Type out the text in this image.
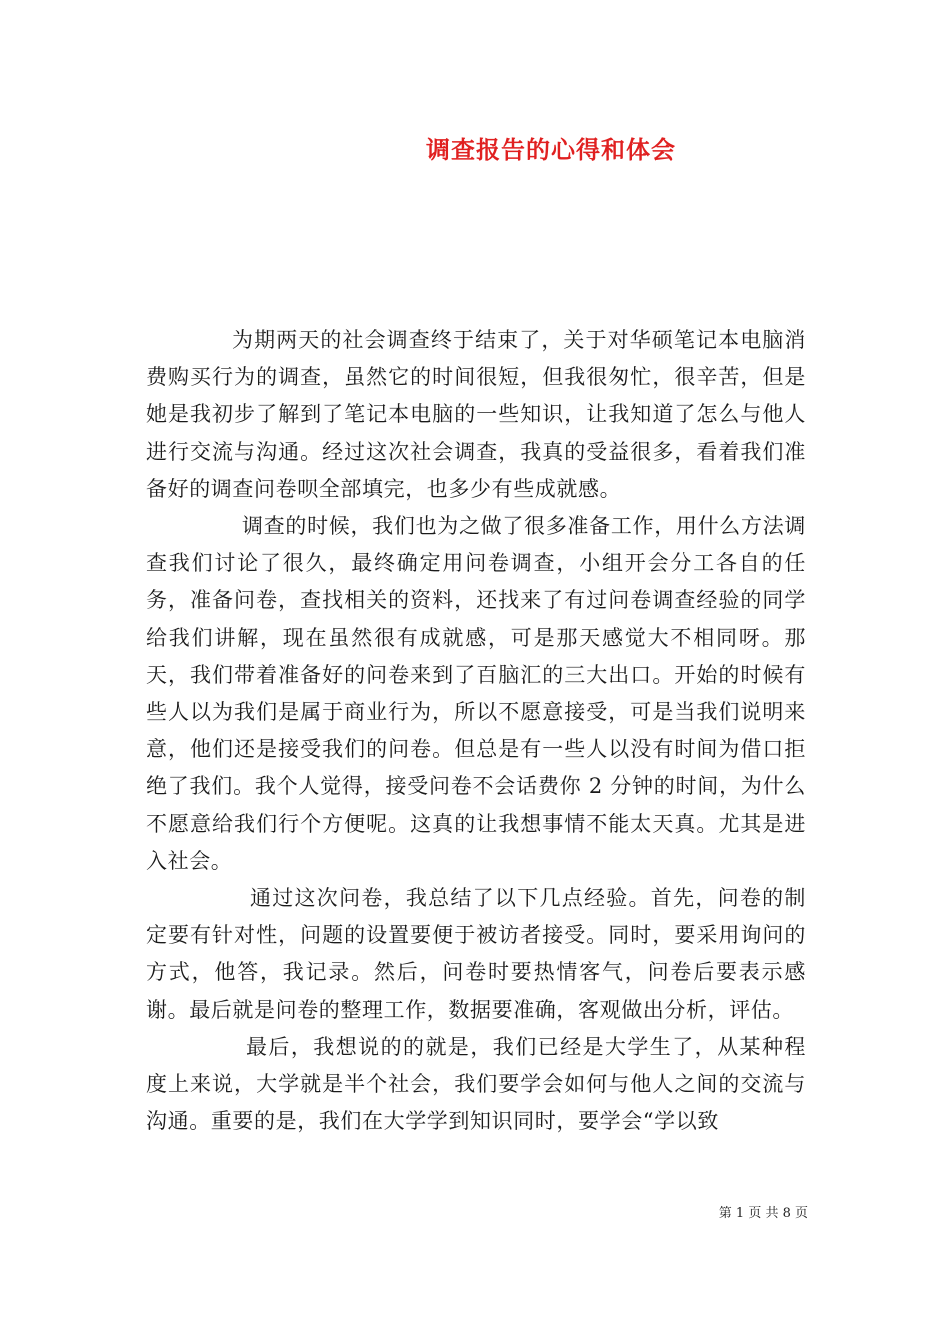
调查报告的心得和体会

为期两天的社会调查终于结束了，关于对华硕笔记本电脑消费购买行为的调查，虽然它的时间很短，但我很匆忙，很辛苦，但是她是我初步了解到了笔记本电脑的一些知识，让我知道了怎么与他人进行交流与沟通。经过这次社会调查，我真的受益很多，看着我们准备好的调查问卷呗全部填完，也多少有些成就感。

调查的时候，我们也为之做了很多准备工作，用什么方法调查我们讨论了很久，最终确定用问卷调查，小组开会分工各自的任务，准备问卷，查找相关的资料，还找来了有过问卷调查经验的同学给我们讲解，现在虽然很有成就感，可是那天感觉大不相同呀。那天，我们带着准备好的问卷来到了百脑汇的三大出口。开始的时候有些人以为我们是属于商业行为，所以不愿意接受，可是当我们说明来意，他们还是接受我们的问卷。但总是有一些人以没有时间为借口拒绝了我们。我个人觉得，接受问卷不会话费你 2 分钟的时间，为什么不愿意给我们行个方便呢。这真的让我想事情不能太天真。尤其是进入社会。

通过这次问卷，我总结了以下几点经验。首先，问卷的制定要有针对性，问题的设置要便于被访者接受。同时，要采用询问的方式，他答，我记录。然后，问卷时要热情客气，问卷后要表示感谢。最后就是问卷的整理工作，数据要准确，客观做出分析，评估。

最后，我想说的的就是，我们已经是大学生了，从某种程度上来说，大学就是半个社会，我们要学会如何与他人之间的交流与沟通。重要的是，我们在大学学到知识同时，要学会“学以致

第 1 页 共 8 页
